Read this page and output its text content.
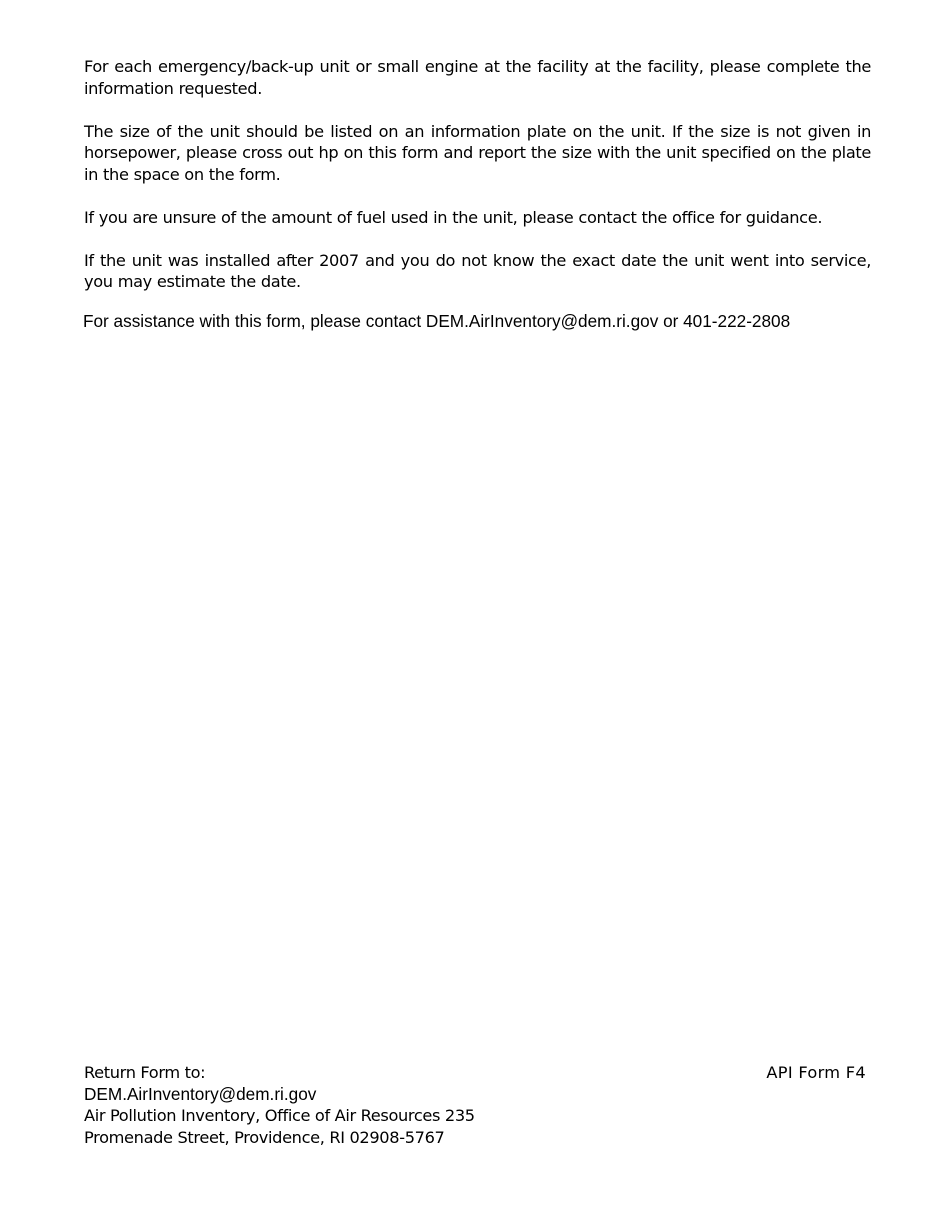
For each emergency/back-up unit or small engine at the facility at the facility, please complete the information requested.

The size of the unit should be listed on an information plate on the unit. If the size is not given in horsepower, please cross out hp on this form and report the size with the unit specified on the plate in the space on the form.

If you are unsure of the amount of fuel used in the unit, please contact the office for guidance.

If the unit was installed after 2007 and you do not know the exact date the unit went into service, you may estimate the date.

For assistance with this form, please contact DEM.AirInventory@dem.ri.gov or 401-222-2808
Return Form to:
DEM.AirInventory@dem.ri.gov
Air Pollution Inventory, Office of Air Resources 235
Promenade Street, Providence, RI 02908-5767
API Form F4
